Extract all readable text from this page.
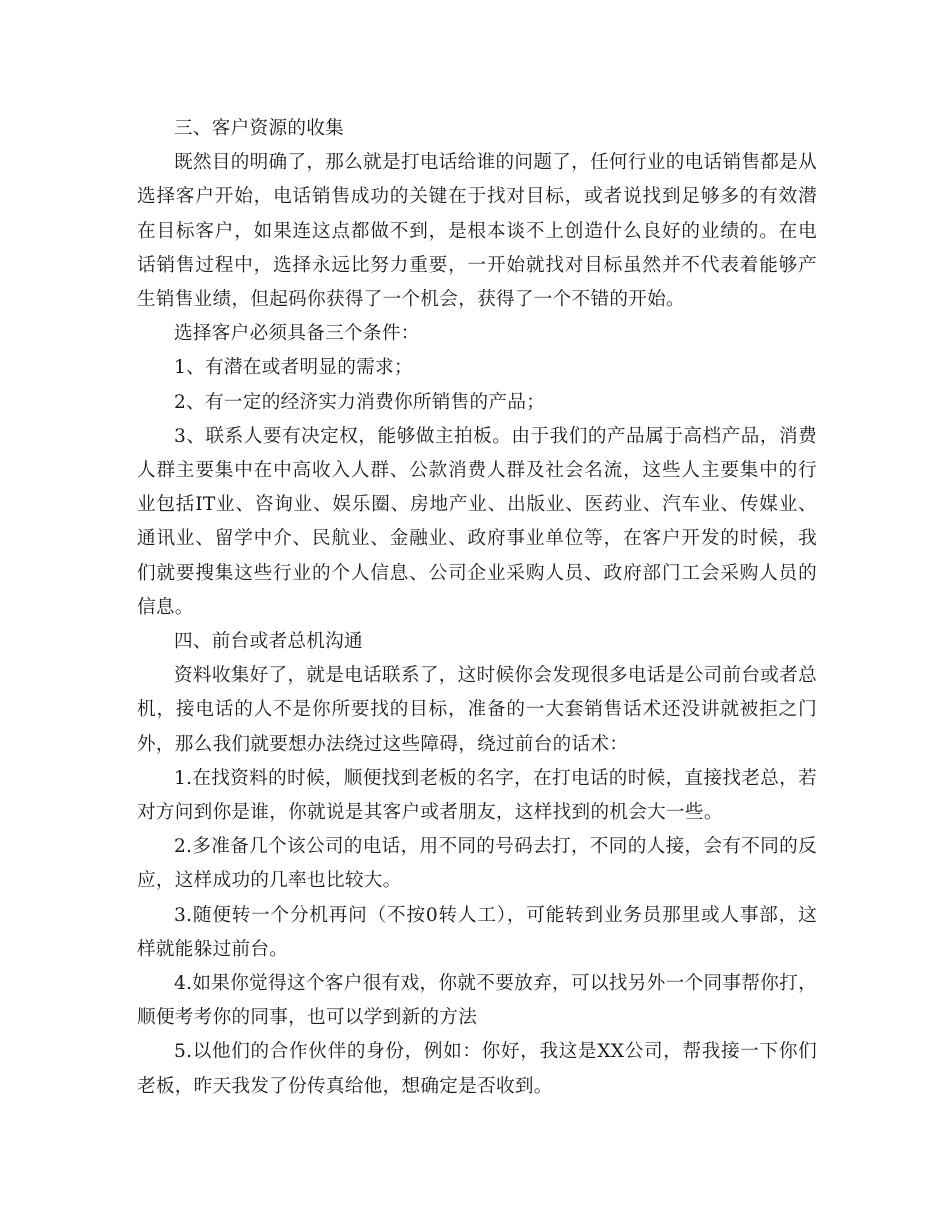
三、客户资源的收集

既然目的明确了，那么就是打电话给谁的问题了，任何行业的电话销售都是从选择客户开始，电话销售成功的关键在于找对目标，或者说找到足够多的有效潜在目标客户，如果连这点都做不到，是根本谈不上创造什么良好的业绩的。在电话销售过程中，选择永远比努力重要，一开始就找对目标虽然并不代表着能够产生销售业绩，但起码你获得了一个机会，获得了一个不错的开始。

选择客户必须具备三个条件：

1、有潜在或者明显的需求；

2、有一定的经济实力消费你所销售的产品；

3、联系人要有决定权，能够做主拍板。由于我们的产品属于高档产品，消费人群主要集中在中高收入人群、公款消费人群及社会名流，这些人主要集中的行业包括IT业、咨询业、娱乐圈、房地产业、出版业、医药业、汽车业、传媒业、通讯业、留学中介、民航业、金融业、政府事业单位等，在客户开发的时候，我们就要搜集这些行业的个人信息、公司企业采购人员、政府部门工会采购人员的信息。

四、前台或者总机沟通

资料收集好了，就是电话联系了，这时候你会发现很多电话是公司前台或者总机，接电话的人不是你所要找的目标，准备的一大套销售话术还没讲就被拒之门外，那么我们就要想办法绕过这些障碍，绕过前台的话术：

1.在找资料的时候，顺便找到老板的名字，在打电话的时候，直接找老总，若对方问到你是谁，你就说是其客户或者朋友，这样找到的机会大一些。

2.多准备几个该公司的电话，用不同的号码去打，不同的人接，会有不同的反应，这样成功的几率也比较大。

3.随便转一个分机再问（不按0转人工），可能转到业务员那里或人事部，这样就能躲过前台。

4.如果你觉得这个客户很有戏，你就不要放弃，可以找另外一个同事帮你打，顺便考考你的同事，也可以学到新的方法

5.以他们的合作伙伴的身份，例如：你好，我这是XX公司，帮我接一下你们老板，昨天我发了份传真给他，想确定是否收到。
